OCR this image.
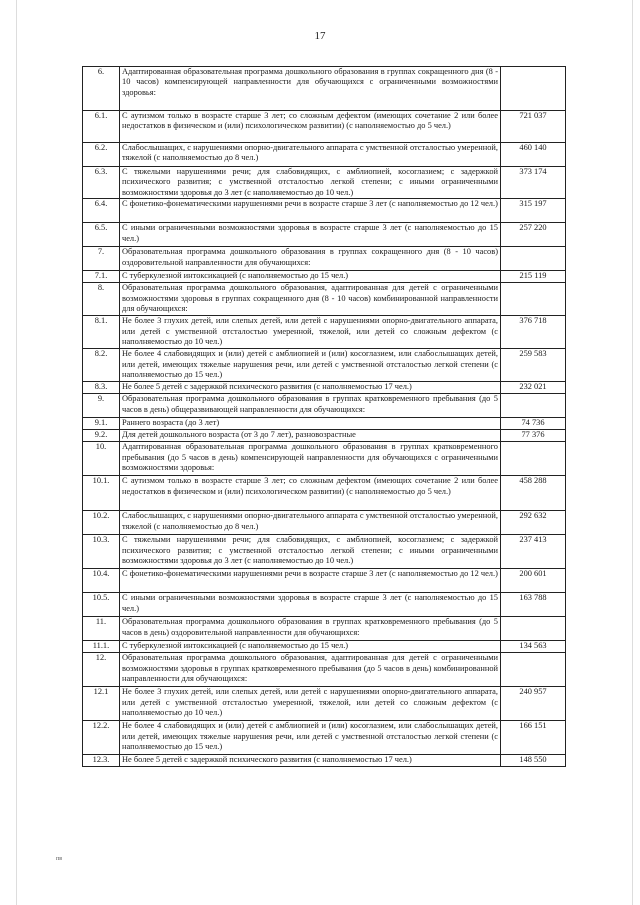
17
6.	Адаптированная образовательная программа дошкольного образования в группах сокращенного дня (8 - 10 часов) компенсирующей направленности для обучающихся с ограниченными возможностями здоровья:	
6.1.	С аутизмом только в возрасте старше 3 лет; со сложным дефектом (имеющих сочетание 2 или более недостатков в физическом и (или) психологическом развитии) (с наполняемостью до 5 чел.)	721 037
6.2.	Слабослышащих, с нарушениями опорно-двигательного аппарата с умственной отсталостью умеренной, тяжелой (с наполняемостью до 8 чел.)	460 140
6.3.	С тяжелыми нарушениями речи; для слабовидящих, с амблиопией, косоглазием; с задержкой психического развития; с умственной отсталостью легкой степени; с иными ограниченными возможностями здоровья до 3 лет (с наполняемостью до 10 чел.)	373 174
6.4.	С фонетико-фонематическими нарушениями речи в возрасте старше 3 лет (с наполняемостью до 12 чел.)	315 197
6.5.	С иными ограниченными возможностями здоровья в возрасте старше 3 лет (с наполняемостью до 15 чел.)	257 220
7.	Образовательная программа дошкольного образования в группах сокращенного дня (8 - 10 часов) оздоровительной направленности для обучающихся:	
7.1.	С туберкулезной интоксикацией (с наполняемостью до 15 чел.)	215 119
8.	Образовательная программа дошкольного образования, адаптированная для детей с ограниченными возможностями здоровья в группах сокращенного дня (8 - 10 часов) комбинированной направленности для обучающихся:	
8.1.	Не более 3 глухих детей, или слепых детей, или детей с нарушениями опорно-двигательного аппарата, или детей с умственной отсталостью умеренной, тяжелой, или детей со сложным дефектом (с наполняемостью до 10 чел.)	376 718
8.2.	Не более 4 слабовидящих и (или) детей с амблиопией и (или) косоглазием, или слабослышащих детей, или детей, имеющих тяжелые нарушения речи, или детей с умственной отсталостью легкой степени (с наполняемостью до 15 чел.)	259 583
8.3.	Не более 5 детей с задержкой психического развития (с наполняемостью 17 чел.)	232 021
9.	Образовательная программа дошкольного образования в группах кратковременного пребывания (до 5 часов в день) общеразвивающей направленности для обучающихся:	
9.1.	Раннего возраста (до 3 лет)	74 736
9.2.	Для детей дошкольного возраста (от 3 до 7 лет), разновозрастные	77 376
10.	Адаптированная образовательная программа дошкольного образования в группах кратковременного пребывания (до 5 часов в день) компенсирующей направленности для обучающихся с ограниченными возможностями здоровья:	
10.1.	С аутизмом только в возрасте старше 3 лет; со сложным дефектом (имеющих сочетание 2 или более недостатков в физическом и (или) психологическом развитии) (с наполняемостью до 5 чел.)	458 288
10.2.	Слабослышащих, с нарушениями опорно-двигательного аппарата с умственной отсталостью умеренной, тяжелой (с наполняемостью до 8 чел.)	292 632
10.3.	С тяжелыми нарушениями речи; для слабовидящих, с амблиопией, косоглазием; с задержкой психического развития; с умственной отсталостью легкой степени; с иными ограниченными возможностями здоровья до 3 лет (с наполняемостью до 10 чел.)	237 413
10.4.	С фонетико-фонематическими нарушениями речи в возрасте старше 3 лет (с наполняемостью до 12 чел.)	200 601
10.5.	С иными ограниченными возможностями здоровья в возрасте старше 3 лет (с наполняемостью до 15 чел.)	163 788
11.	Образовательная программа дошкольного образования в группах кратковременного пребывания (до 5 часов в день) оздоровительной направленности для обучающихся:	
11.1.	С туберкулезной интоксикацией (с наполняемостью до 15 чел.)	134 563
12.	Образовательная программа дошкольного образования, адаптированная для детей с ограниченными возможностями здоровья в группах кратковременного пребывания (до 5 часов в день) комбинированной направленности для обучающихся:	
12.1	Не более 3 глухих детей, или слепых детей, или детей с нарушениями опорно-двигательного аппарата, или детей с умственной отсталостью умеренной, тяжелой, или детей со сложным дефектом (с наполняемостью до 10 чел.)	240 957
12.2.	Не более 4 слабовидящих и (или) детей с амблиопией и (или) косоглазием, или слабослышащих детей, или детей, имеющих тяжелые нарушения речи, или детей с умственной отсталостью легкой степени (с наполняемостью до 15 чел.)	166 151
12.3.	Не более 5 детей с задержкой психического развития (с наполняемостью 17 чел.)	148 550
пв
